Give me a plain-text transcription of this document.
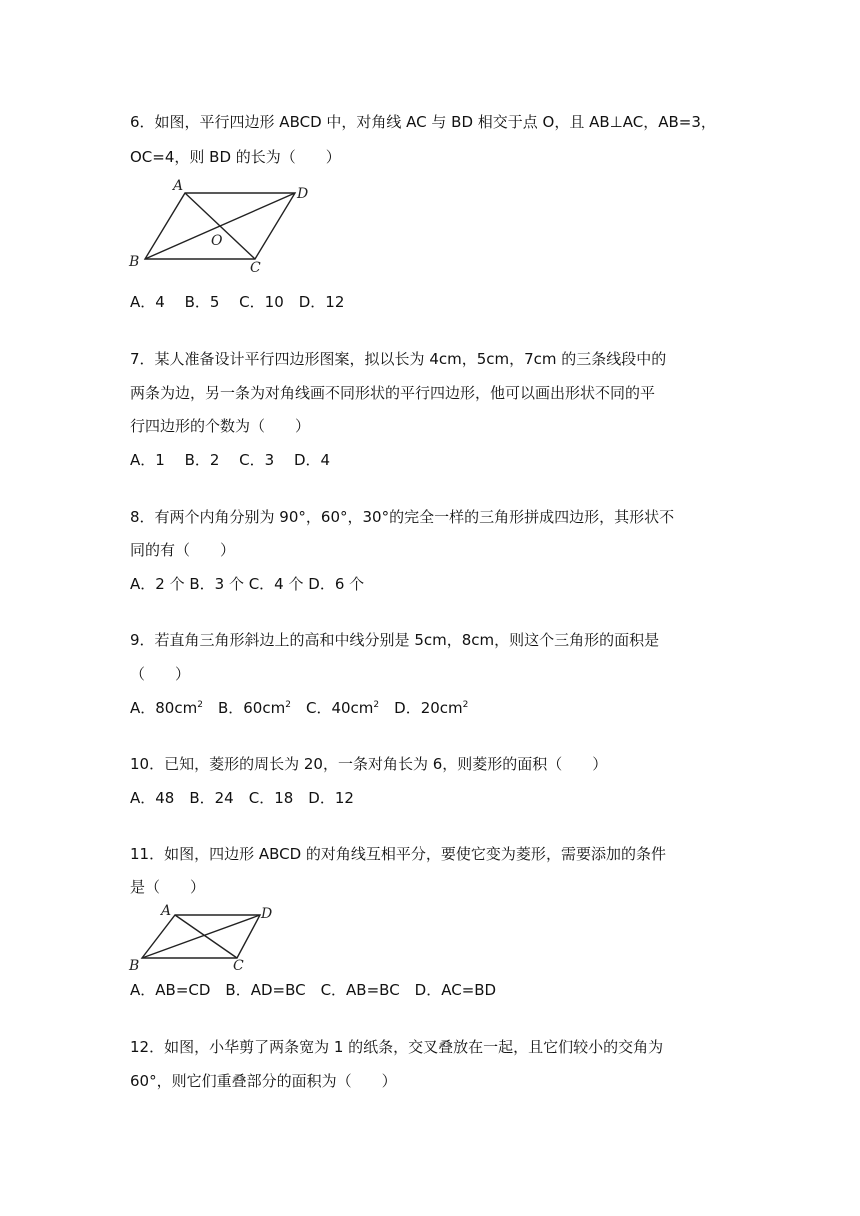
6．如图，平行四边形 ABCD 中，对角线 AC 与 BD 相交于点 O，且 AB⊥AC，AB=3，
OC=4，则 BD 的长为（　　）
A	D
B	C
O
A．4　 B．5　 C．10　D．12
7．某人准备设计平行四边形图案，拟以长为 4cm，5cm，7cm 的三条线段中的
两条为边，另一条为对角线画不同形状的平行四边形，他可以画出形状不同的平
行四边形的个数为（　　）
A．1　 B．2　 C．3　 D．4
8．有两个内角分别为 90°，60°，30°的完全一样的三角形拼成四边形，其形状不
同的有（　　）
A．2 个 B．3 个 C．4 个 D．6 个
9．若直角三角形斜边上的高和中线分别是 5cm，8cm，则这个三角形的面积是
（　　）
A．$80cm^2$　 B．$60cm^2$　 C．$40cm^2$　 D．$20cm^2$
10．已知，菱形的周长为 20，一条对角长为 6，则菱形的面积（　　）
A．48　B．24　C．18　D．12
11．如图，四边形 ABCD 的对角线互相平分，要使它变为菱形，需要添加的条件
是（　　）
A	D
B	C
A．AB=CD　B．AD=BC　C．AB=BC　D．AC=BD
12．如图，小华剪了两条宽为 1 的纸条，交叉叠放在一起，且它们较小的交角为
60°，则它们重叠部分的面积为（　　）
